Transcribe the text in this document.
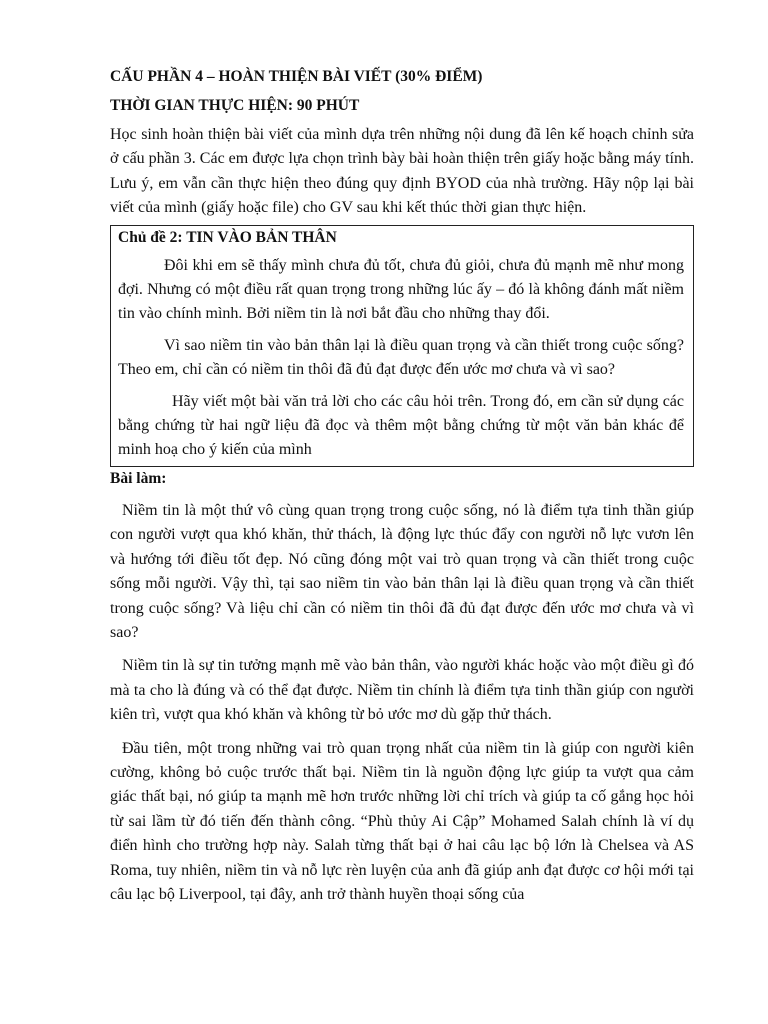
CẤU PHẦN 4 – HOÀN THIỆN BÀI VIẾT (30% ĐIỂM)
THỜI GIAN THỰC HIỆN: 90 PHÚT

Học sinh hoàn thiện bài viết của mình dựa trên những nội dung đã lên kế hoạch chỉnh sửa ở cấu phần 3. Các em được lựa chọn trình bày bài hoàn thiện trên giấy hoặc bằng máy tính. Lưu ý, em vẫn cần thực hiện theo đúng quy định BYOD của nhà trường. Hãy nộp lại bài viết của mình (giấy hoặc file) cho GV sau khi kết thúc thời gian thực hiện.

Chủ đề 2: TIN VÀO BẢN THÂN

Đôi khi em sẽ thấy mình chưa đủ tốt, chưa đủ giỏi, chưa đủ mạnh mẽ như mong đợi. Nhưng có một điều rất quan trọng trong những lúc ấy – đó là không đánh mất niềm tin vào chính mình. Bởi niềm tin là nơi bắt đầu cho những thay đổi.

Vì sao niềm tin vào bản thân lại là điều quan trọng và cần thiết trong cuộc sống? Theo em, chỉ cần có niềm tin thôi đã đủ đạt được đến ước mơ chưa và vì sao?

Hãy viết một bài văn trả lời cho các câu hỏi trên. Trong đó, em cần sử dụng các bằng chứng từ hai ngữ liệu đã đọc và thêm một bằng chứng từ một văn bản khác để minh hoạ cho ý kiến của mình

Bài làm:

Niềm tin là một thứ vô cùng quan trọng trong cuộc sống, nó là điểm tựa tinh thần giúp con người vượt qua khó khăn, thử thách, là động lực thúc đẩy con người nỗ lực vươn lên và hướng tới điều tốt đẹp. Nó cũng đóng một vai trò quan trọng và cần thiết trong cuộc sống mỗi người. Vậy thì, tại sao niềm tin vào bản thân lại là điều quan trọng và cần thiết trong cuộc sống? Và liệu chỉ cần có niềm tin thôi đã đủ đạt được đến ước mơ chưa và vì sao?

Niềm tin là sự tin tưởng mạnh mẽ vào bản thân, vào người khác hoặc vào một điều gì đó mà ta cho là đúng và có thể đạt được. Niềm tin chính là điểm tựa tinh thần giúp con người kiên trì, vượt qua khó khăn và không từ bỏ ước mơ dù gặp thử thách.

Đầu tiên, một trong những vai trò quan trọng nhất của niềm tin là giúp con người kiên cường, không bỏ cuộc trước thất bại. Niềm tin là nguồn động lực giúp ta vượt qua cảm giác thất bại, nó giúp ta mạnh mẽ hơn trước những lời chỉ trích và giúp ta cố gắng học hỏi từ sai lầm từ đó tiến đến thành công. “Phù thủy Ai Cập” Mohamed Salah chính là ví dụ điển hình cho trường hợp này. Salah từng thất bại ở hai câu lạc bộ lớn là Chelsea và AS Roma, tuy nhiên, niềm tin và nỗ lực rèn luyện của anh đã giúp anh đạt được cơ hội mới tại câu lạc bộ Liverpool, tại đây, anh trở thành huyền thoại sống của
